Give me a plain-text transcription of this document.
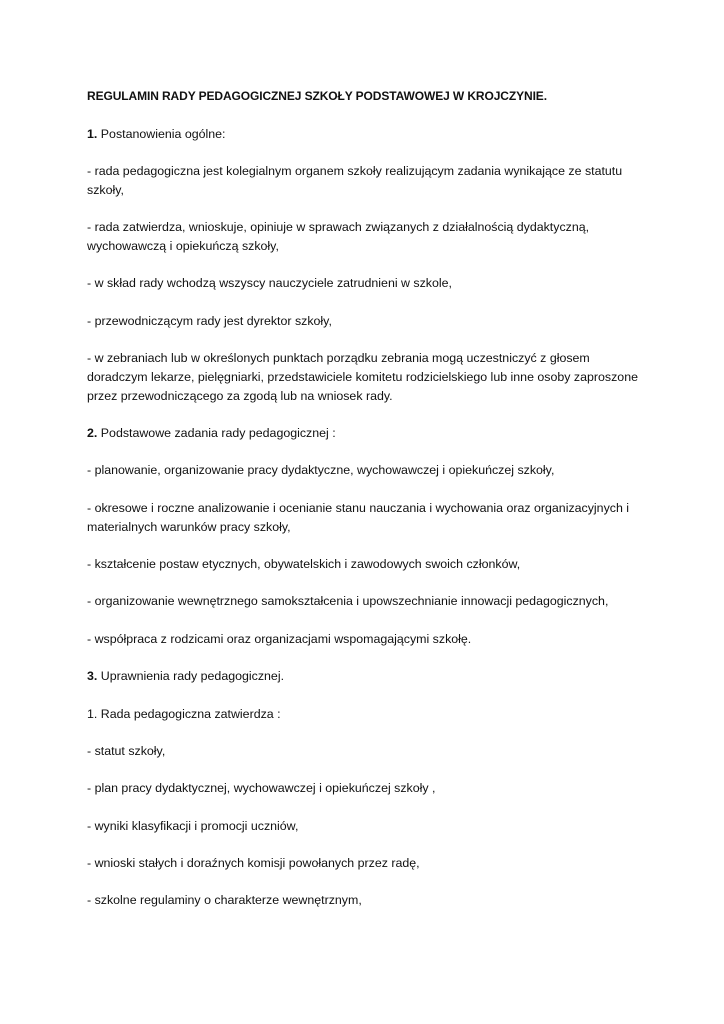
REGULAMIN RADY PEDAGOGICZNEJ SZKOŁY PODSTAWOWEJ W KROJCZYNIE.
1. Postanowienia ogólne:
- rada pedagogiczna jest kolegialnym organem szkoły realizującym zadania wynikające ze statutu
szkoły,
- rada zatwierdza, wnioskuje, opiniuje w sprawach związanych z działalnością dydaktyczną,
wychowawczą i opiekuńczą szkoły,
- w skład rady wchodzą wszyscy nauczyciele zatrudnieni w szkole,
- przewodniczącym rady jest dyrektor szkoły,
- w zebraniach lub w określonych punktach porządku zebrania mogą uczestniczyć z głosem
doradczym lekarze, pielęgniarki, przedstawiciele komitetu rodzicielskiego lub inne osoby zaproszone
przez przewodniczącego za zgodą lub na wniosek rady.
2. Podstawowe zadania rady pedagogicznej :
- planowanie, organizowanie pracy dydaktyczne, wychowawczej i opiekuńczej szkoły,
- okresowe i roczne analizowanie i ocenianie stanu nauczania i wychowania oraz organizacyjnych i
materialnych warunków pracy szkoły,
- kształcenie postaw etycznych, obywatelskich i zawodowych swoich członków,
- organizowanie wewnętrznego samokształcenia i upowszechnianie innowacji pedagogicznych,
- współpraca z rodzicami oraz organizacjami wspomagającymi szkołę.
3. Uprawnienia rady pedagogicznej.
1. Rada pedagogiczna zatwierdza :
- statut szkoły,
- plan pracy dydaktycznej, wychowawczej i opiekuńczej szkoły ,
- wyniki klasyfikacji i promocji uczniów,
- wnioski stałych i doraźnych komisji powołanych przez radę,
- szkolne regulaminy o charakterze wewnętrznym,
